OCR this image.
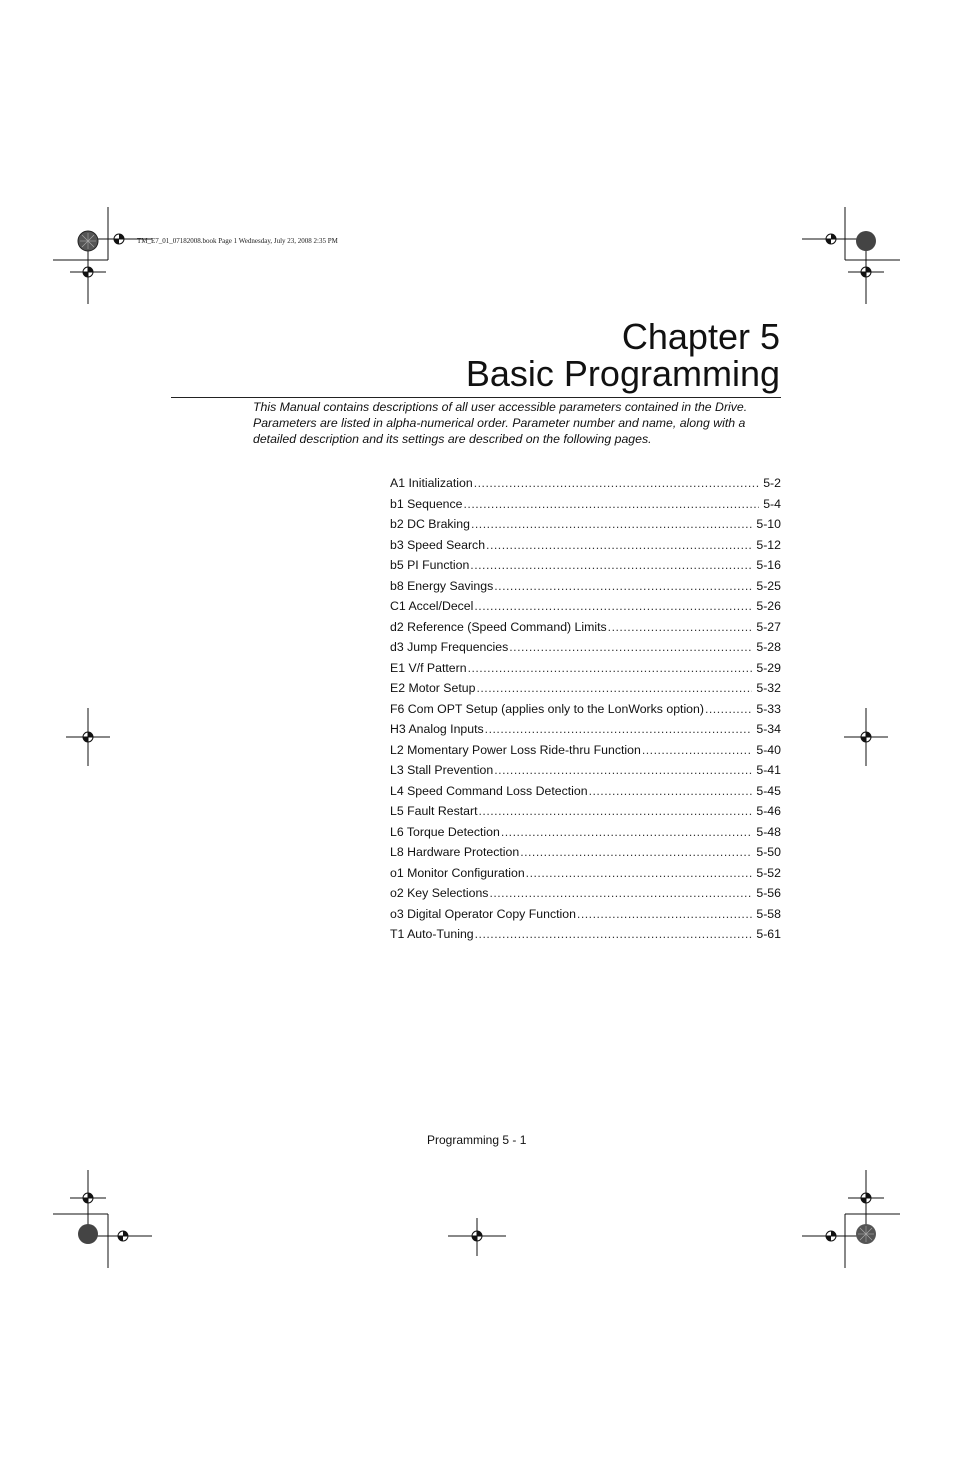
TM_E7_01_07182008.book Page 1 Wednesday, July 23, 2008 2:35 PM
Chapter 5
Basic Programming

This Manual contains descriptions of all user accessible parameters contained in the Drive. Parameters are listed in alpha-numerical order. Parameter number and name, along with a detailed description and its settings are described on the following pages.

A1 Initialization .....	5-2
b1 Sequence .....	5-4
b2 DC Braking .....	5-10
b3 Speed Search .....	5-12
b5 PI Function .....	5-16
b8 Energy Savings .....	5-25
C1 Accel/Decel .....	5-26
d2 Reference (Speed Command) Limits .....	5-27
d3 Jump Frequencies .....	5-28
E1 V/f Pattern .....	5-29
E2 Motor Setup .....	5-32
F6 Com OPT Setup (applies only to the LonWorks option) .....	5-33
H3 Analog Inputs .....	5-34
L2 Momentary Power Loss Ride-thru Function .....	5-40
L3 Stall Prevention .....	5-41
L4 Speed Command Loss Detection .....	5-45
L5 Fault Restart .....	5-46
L6 Torque Detection .....	5-48
L8 Hardware Protection .....	5-50
o1 Monitor Configuration .....	5-52
o2 Key Selections .....	5-56
o3 Digital Operator Copy Function .....	5-58
T1 Auto-Tuning .....	5-61
Programming 5 - 1
